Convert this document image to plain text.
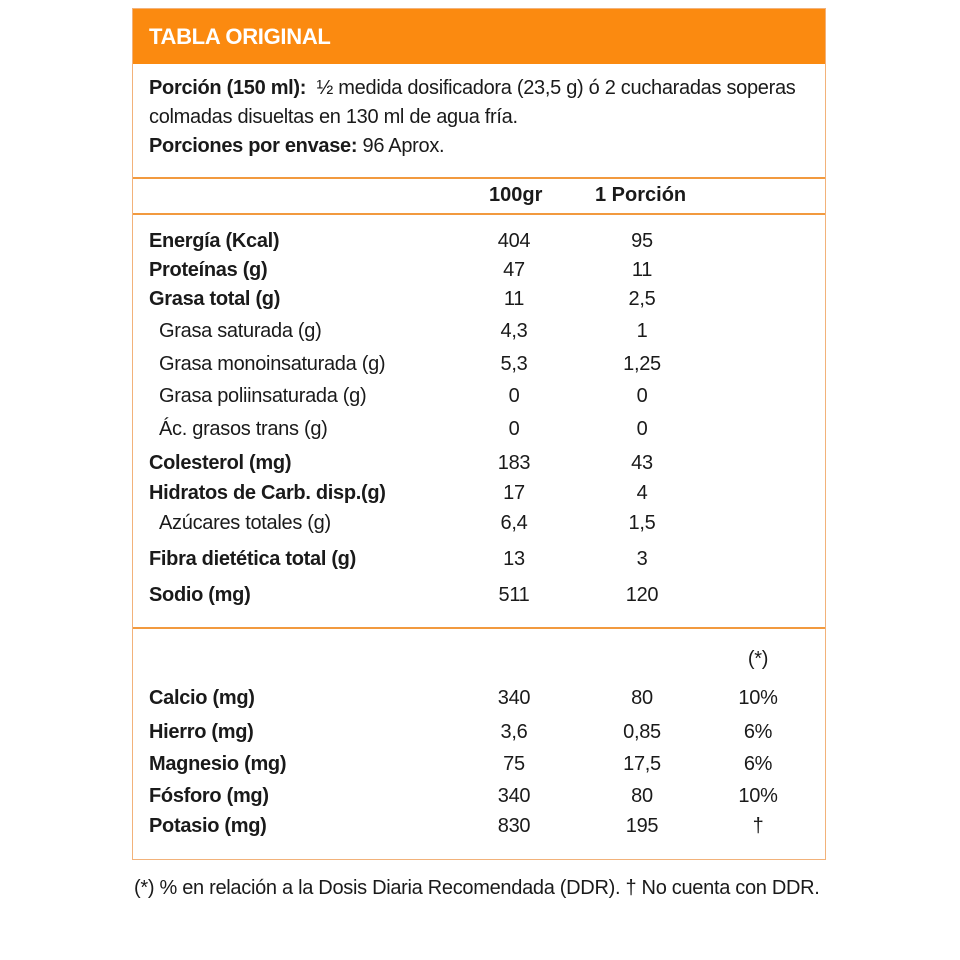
TABLA ORIGINAL
Porción (150 ml): ½ medida dosificadora (23,5 g) ó 2 cucharadas soperas colmadas disueltas en 130 ml de agua fría.
Porciones por envase: 96 Aprox.
100gr	1 Porción
Energía (Kcal)	404	95
Proteínas (g)	47	11
Grasa total (g)	11	2,5
Grasa saturada (g)	4,3	1
Grasa monoinsaturada (g)	5,3	1,25
Grasa poliinsaturada (g)	0	0
Ác. grasos trans (g)	0	0
Colesterol (mg)	183	43
Hidratos de Carb. disp.(g)	17	4
Azúcares totales (g)	6,4	1,5
Fibra dietética total (g)	13	3
Sodio (mg)	511	120
(*)
Calcio (mg)	340	80	10%
Hierro (mg)	3,6	0,85	6%
Magnesio (mg)	75	17,5	6%
Fósforo (mg)	340	80	10%
Potasio (mg)	830	195	†
(*) % en relación a la Dosis Diaria Recomendada (DDR). † No cuenta con DDR.
